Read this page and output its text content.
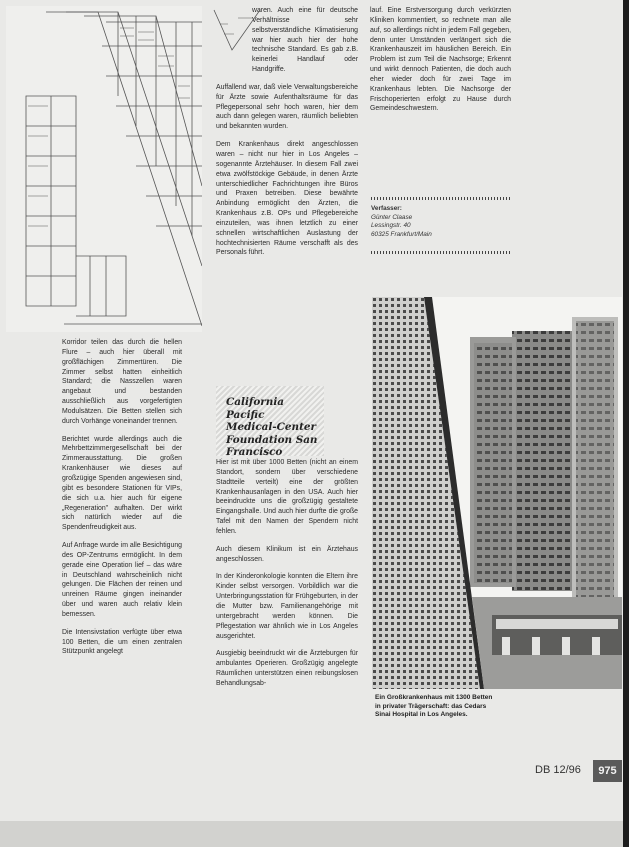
Korridor teilen das durch die hellen Flure – auch hier überall mit großflächigen Zimmertüren. Die Zimmer selbst hatten einheitlich Standard; die Nasszellen waren angebaut und bestanden ausschließlich aus vorgefertigten Modulsätzen. Die Betten stellen sich durch Vorhänge voneinander trennen.

Berichtet wurde allerdings auch die Mehrbettzimmergesellschaft bei der Zimmerausstattung. Die großen Krankenhäuser wie dieses auf großzügige Spenden angewiesen sind, gibt es besondere Stationen für VIPs, die sich u.a. hier auch für eigene „Regeneration" aufhalten. Der wirkt sich natürlich wieder auf die Spendenfreudigkeit aus.

Auf Anfrage wurde im alle Besichtigung des OP-Zentrums ermöglicht. In dem gerade eine Operation lief – das wäre in Deutschland wahrscheinlich nicht gelungen. Die Flächen der reinen und unreinen Räume gingen ineinander über und waren auch relativ klein bemessen.

Die Intensivstation verfügte über etwa 100 Betten, die um einen zentralen Stützpunkt angelegt

waren. Auch eine für deutsche Verhältnisse sehr selbstverständliche Klimatisierung war hier auch hier der hohe technische Standard. Es gab z.B. keinerlei Handlauf oder Handgriffe.

Auffallend war, daß viele Verwaltungsbereiche für Ärzte sowie Aufenthaltsräume für das Pflegepersonal sehr hoch waren, hier dem auch dann gelegen waren, räumlich beliebten und bekannten wurden.

Dem Krankenhaus direkt angeschlossen waren – nicht nur hier in Los Angeles – sogenannte Ärztehäuser. In diesem Fall zwei etwa zwölfstöckige Gebäude, in denen Ärzte unterschiedlicher Fachrichtungen ihre Büros und Praxen betreiben. Diese bewährte Anbindung ermöglicht den Ärzten, die Krankenhaus z.B. OPs und Pflegebereiche einzuteilen, was ihnen letztlich zu einer schnellen wirtschaftlichen Auslastung der hochtechnisierten Räume verschafft als des Personals führt.

California Pacific Medical-Center Foundation San Francisco

Hier ist mit über 1000 Betten (nicht an einem Standort, sondern über verschiedene Stadtteile verteilt) eine der größten Krankenhausanlagen in den USA. Auch hier beeindruckte uns die großzügig gestaltete Eingangshalle. Und auch hier durfte die große Tafel mit den Namen der Spendern nicht fehlen.

Auch diesem Klinikum ist ein Ärztehaus angeschlossen.

In der Kinderonkologie konnten die Eltern ihre Kinder selbst versorgen. Vorbildlich war die Unterbringungsstation für Frühgeburten, in der die Mutter bzw. Familienangehörige mit untergebracht werden können. Die Pflegestation war ähnlich wie in Los Angeles ausgerichtet.

Ausgiebig beeindruckt wir die Ärzteburgen für ambulantes Operieren. Großzügig angelegte Räumlichen unterstützen einen reibungslosen Behandlungsab-

lauf. Eine Erstversorgung durch verkürzten Kliniken kommentiert, so rechnete man alle auf, so allerdings nicht in jedem Fall gegeben, denn unter Umständen verlängert sich die Krankenhauszeit im häuslichen Bereich. Ein Problem ist zum Teil die Nachsorge; Erkennt und wirkt dennoch Patienten, die doch auch eher wieder doch für zwei Tage im Krankenhaus lebten. Die Nachsorge der Frischoperierten erfolgt zu Hause durch Gemeindeschwestern.

Verfasser:
Günter Claase
Lessingstr. 40
60325 Frankfurt/Main
Ein Großkrankenhaus mit 1300 Betten in privater Trägerschaft: das Cedars Sinai Hospital in Los Angeles.
DB 12/96	975
